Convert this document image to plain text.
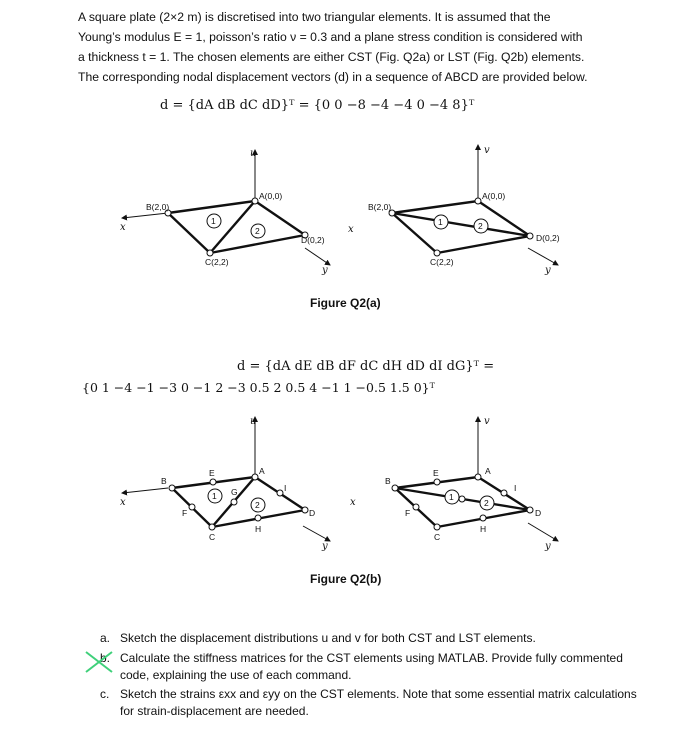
A square plate (2×2 m) is discretised into two triangular elements. It is assumed that the

Young’s modulus E = 1, poisson’s ratio ν = 0.3 and a plane stress condition is considered with

a thickness t = 1. The chosen elements are either CST (Fig. Q2a) or LST (Fig. Q2b) elements.

The corresponding nodal displacement vectors (d) in a sequence of ABCD are provided below.

d = {dA dB dC dD}ᵀ = {0 0 −8 −4 −4 0 −4 8}ᵀ
u
x
y
B(2,0)
A(0,0)
D(0,2)
C(2,2)
1
2
v
x
y
B(2,0)
A(0,0)
D(0,2)
C(2,2)
1	2
u
x
y
B
E	A
F
G	I
D
C
H
1
2
v
x
y
B
E	A
F
I
D
C
H
1
2
Figure Q2(a)
d = {dA dE dB dF dC dH dD dI dG}ᵀ =
{0 1 −4 −1 −3 0 −1 2 −3 0.5 2 0.5 4 −1 1 −0.5 1.5 0}ᵀ
Figure Q2(b)
a. Sketch the displacement distributions u and v for both CST and LST elements.
b. Calculate the stiffness matrices for the CST elements using MATLAB. Provide fully commented code, explaining the use of each command.
c. Sketch the strains εxx and εyy on the CST elements. Note that some essential matrix calculations for strain-displacement are needed.
